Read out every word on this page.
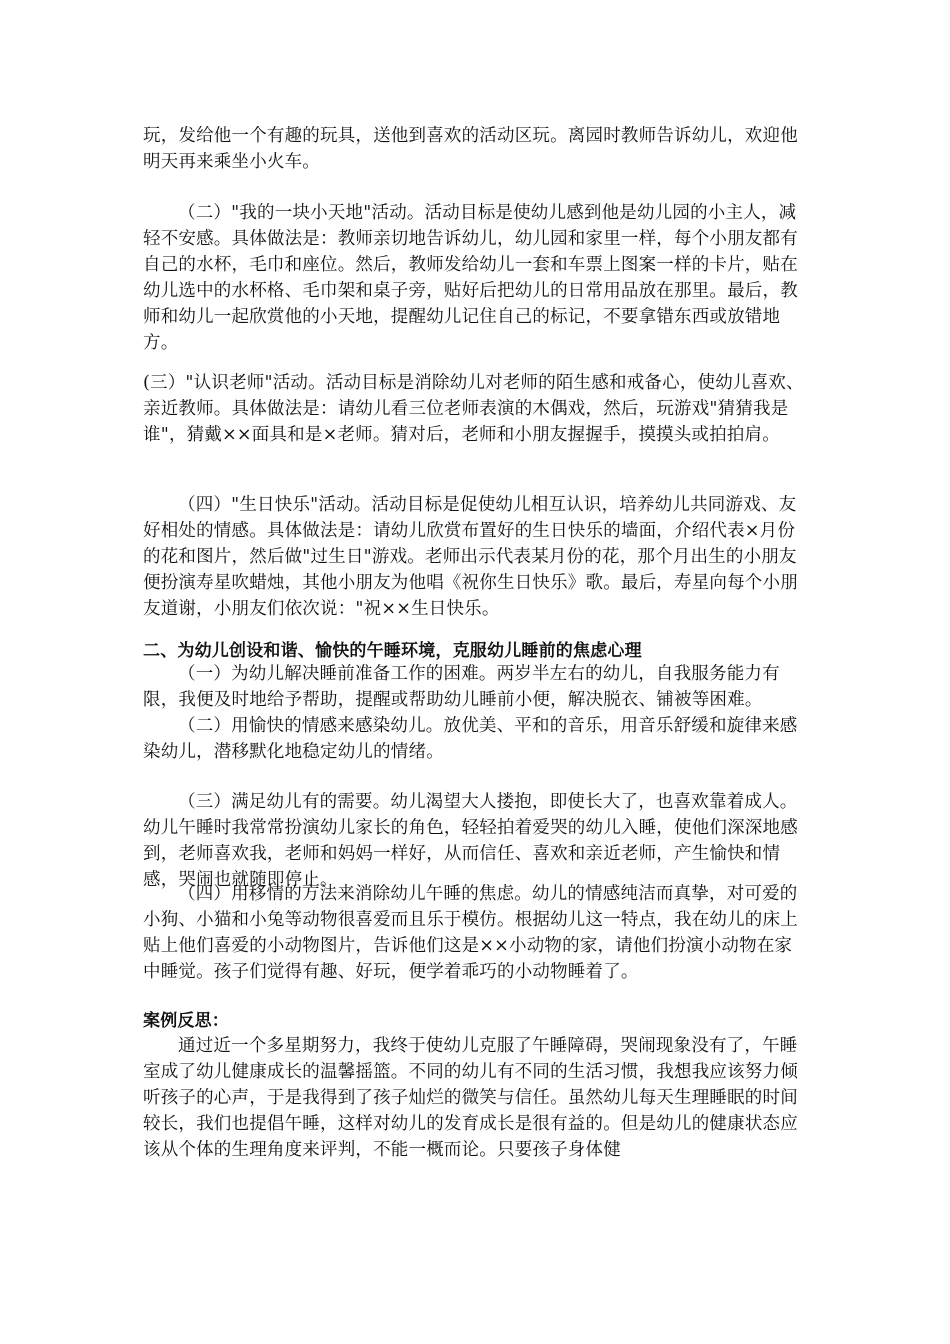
玩，发给他一个有趣的玩具，送他到喜欢的活动区玩。离园时教师告诉幼儿，欢迎他明天再来乘坐小火车。

（二）"我的一块小天地"活动。活动目标是使幼儿感到他是幼儿园的小主人，减轻不安感。具体做法是：教师亲切地告诉幼儿，幼儿园和家里一样，每个小朋友都有自己的水杯，毛巾和座位。然后，教师发给幼儿一套和车票上图案一样的卡片，贴在幼儿选中的水杯格、毛巾架和桌子旁，贴好后把幼儿的日常用品放在那里。最后，教师和幼儿一起欣赏他的小天地，提醒幼儿记住自己的标记，不要拿错东西或放错地方。

(三）"认识老师"活动。活动目标是消除幼儿对老师的陌生感和戒备心，使幼儿喜欢、亲近教师。具体做法是：请幼儿看三位老师表演的木偶戏，然后，玩游戏"猜猜我是谁"，猜戴××面具和是×老师。猜对后，老师和小朋友握握手，摸摸头或拍拍肩。

（四）"生日快乐"活动。活动目标是促使幼儿相互认识，培养幼儿共同游戏、友好相处的情感。具体做法是：请幼儿欣赏布置好的生日快乐的墙面，介绍代表×月份的花和图片，然后做"过生日"游戏。老师出示代表某月份的花，那个月出生的小朋友便扮演寿星吹蜡烛，其他小朋友为他唱《祝你生日快乐》歌。最后，寿星向每个小朋友道谢，小朋友们依次说："祝××生日快乐。

二、为幼儿创设和谐、愉快的午睡环境，克服幼儿睡前的焦虑心理

（一）为幼儿解决睡前准备工作的困难。两岁半左右的幼儿，自我服务能力有限，我便及时地给予帮助，提醒或帮助幼儿睡前小便，解决脱衣、铺被等困难。

（二）用愉快的情感来感染幼儿。放优美、平和的音乐，用音乐舒缓和旋律来感染幼儿，潜移默化地稳定幼儿的情绪。

（三）满足幼儿有的需要。幼儿渴望大人搂抱，即使长大了，也喜欢靠着成人。幼儿午睡时我常常扮演幼儿家长的角色，轻轻拍着爱哭的幼儿入睡，使他们深深地感到，老师喜欢我，老师和妈妈一样好，从而信任、喜欢和亲近老师，产生愉快和情感，哭闹也就随即停止。

（四）用移情的方法来消除幼儿午睡的焦虑。幼儿的情感纯洁而真挚，对可爱的小狗、小猫和小兔等动物很喜爱而且乐于模仿。根据幼儿这一特点，我在幼儿的床上贴上他们喜爱的小动物图片，告诉他们这是××小动物的家，请他们扮演小动物在家中睡觉。孩子们觉得有趣、好玩，便学着乖巧的小动物睡着了。

案例反思：

通过近一个多星期努力，我终于使幼儿克服了午睡障碍，哭闹现象没有了，午睡室成了幼儿健康成长的温馨摇篮。不同的幼儿有不同的生活习惯，我想我应该努力倾听孩子的心声，于是我得到了孩子灿烂的微笑与信任。虽然幼儿每天生理睡眠的时间较长，我们也提倡午睡，这样对幼儿的发育成长是很有益的。但是幼儿的健康状态应该从个体的生理角度来评判，不能一概而论。只要孩子身体健
